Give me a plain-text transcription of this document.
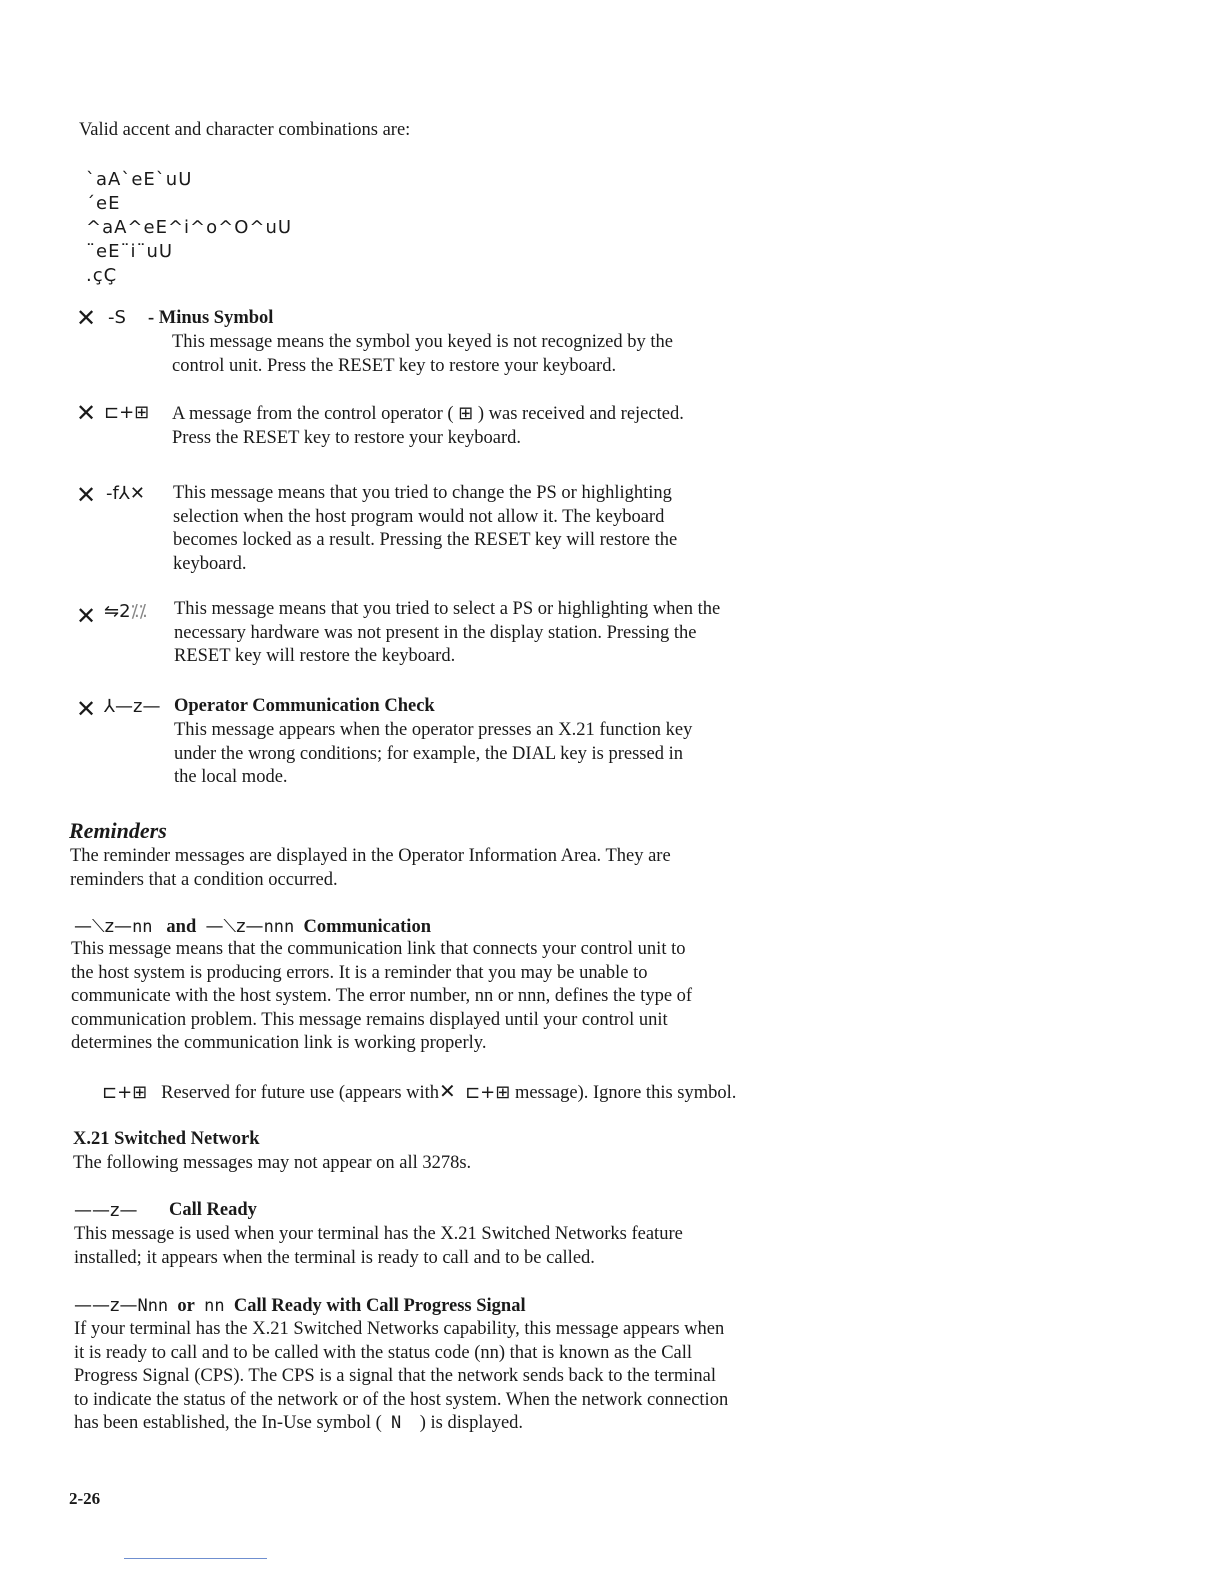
Valid accent and character combinations are:

`aA`eE`uU
´eE
^aA^eE^i^o^O^uU
¨eE¨i¨uU
.çÇ
✕ -S - Minus Symbol

This message means the symbol you keyed is not recognized by the control unit. Press the RESET key to restore your keyboard.

✕ ⊏+⊞ A message from the control operator ( ⊞ ) was received and rejected. Press the RESET key to restore your keyboard.

✕ -f⅄✕ This message means that you tried to change the PS or highlighting selection when the host program would not allow it. The keyboard becomes locked as a result. Pressing the RESET key will restore the keyboard.

✕ ⇋2⁒⁒ This message means that you tried to select a PS or highlighting when the necessary hardware was not present in the display station. Pressing the RESET key will restore the keyboard.

✕ ⅄—z— Operator Communication Check

This message appears when the operator presses an X.21 function key under the wrong conditions; for example, the DIAL key is pressed in the local mode.

Reminders

The reminder messages are displayed in the Operator Information Area. They are reminders that a condition occurred.

—⟍z—nn and —⟍z—nnn Communication

This message means that the communication link that connects your control unit to the host system is producing errors. It is a reminder that you may be unable to communicate with the host system. The error number, nn or nnn, defines the type of communication problem. This message remains displayed until your control unit determines the communication link is working properly.

⊏+⊞ Reserved for future use (appears with✕ ⊏+⊞ message). Ignore this symbol.
X.21 Switched Network

The following messages may not appear on all 3278s.

——z— Call Ready

This message is used when your terminal has the X.21 Switched Networks feature installed; it appears when the terminal is ready to call and to be called.

——z—Nnn or nn Call Ready with Call Progress Signal

If your terminal has the X.21 Switched Networks capability, this message appears when it is ready to call and to be called with the status code (nn) that is known as the Call Progress Signal (CPS). The CPS is a signal that the network sends back to the terminal to indicate the status of the network or of the host system. When the network connection has been established, the In-Use symbol ( N ) is displayed.

2-26
